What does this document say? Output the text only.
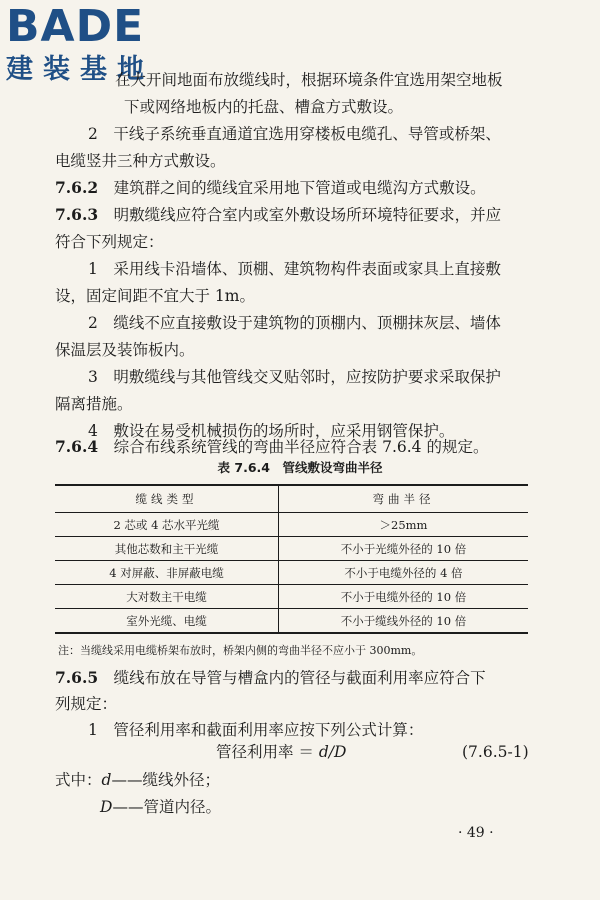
BADE
建装基地
在大开间地面布放缆线时，根据环境条件宜选用架空地板
下或网络地板内的托盘、槽盒方式敷设。
2　干线子系统垂直通道宜选用穿楼板电缆孔、导管或桥架、
电缆竖井三种方式敷设。
7.6.2　 建筑群之间的缆线宜采用地下管道或电缆沟方式敷设。
7.6.3　 明敷缆线应符合室内或室外敷设场所环境特征要求，并应
符合下列规定：
1　采用线卡沿墙体、顶棚、建筑物构件表面或家具上直接敷
设，固定间距不宜大于 1m。
2　缆线不应直接敷设于建筑物的顶棚内、顶棚抹灰层、墙体
保温层及装饰板内。
3　明敷缆线与其他管线交叉贴邻时，应按防护要求采取保护
隔离措施。
4　敷设在易受机械损伤的场所时，应采用钢管保护。
7.6.4　 综合布线系统管线的弯曲半径应符合表 7.6.4 的规定。
表 7.6.4　管线敷设弯曲半径
缆线类型	弯曲半径
2 芯或 4 芯水平光缆	＞25mm
其他芯数和主干光缆	不小于光缆外径的 10 倍
4 对屏蔽、非屏蔽电缆	不小于电缆外径的 4 倍
大对数主干电缆	不小于电缆外径的 10 倍
室外光缆、电缆	不小于缆线外径的 10 倍
注：当缆线采用电缆桥架布放时，桥架内侧的弯曲半径不应小于 300mm。
7.6.5　 缆线布放在导管与槽盒内的管径与截面利用率应符合下
列规定：
1　管径利用率和截面利用率应按下列公式计算：
管径利用率 ＝ d/D	(7.6.5-1)
式中：d——缆线外径；
D——管道内径。
· 49 ·
